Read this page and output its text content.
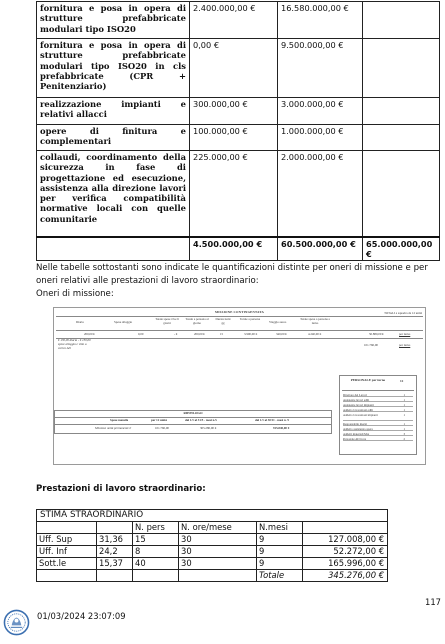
fornitura e posa in opera di strutture prefabbricate modulari tipo ISO20	2.400.000,00 €	16.580.000,00 €	
fornitura e posa in opera di strutture prefabbricate modulari tipo ISO20 in cls prefabbricate (CPR + Penitenziario)	0,00 €	9.500.000,00 €	
realizzazione impianti e relativi allacci	300.000,00 €	3.000.000,00 €	
opere di finitura e complementari	100.000,00 €	1.000.000,00 €	
collaudi, coordinamento della sicurezza in fase di progettazione ed esecuzione, assistenza alla direzione lavori per verifica compatibilità normative locali con quelle comunitarie	225.000,00 €	2.000.000,00 €	
	4.500.000,00 €	60.500.000,00 €	65.000.000,00 €

Nelle tabelle sottostanti sono indicate le quantificazioni distinte per oneri di missione e per oneri relativi alle prestazioni di lavoro straordinario:

Oneri di missione:

MISSIONE CONTINGENTATA
Diaria	Spese alloggio
Totale spese vive 6 giorni
Totale a persona al giorno
Durata turni gg
Totale a persona
Viaggio aereo
Totale spesa a persona a turno
TOTALI a squadra da 12 unità
200,00 €	0,00	- €	200,00 €	15	3.900,00 €	340,00 €	4.240,00 €	50.880,00 €	per turno
€ 130,00 diaria - € 130,00
spese alloggio e vitto a
carico AD
101.760,00	per turno
PERSONALE per turno	12
Direttore dei Lavori	1
Assistente lavori edili	1
Assistente lavori impianti	1
Addetto lavorazioni edili	1
Addetto lavorazioni impianti	1
Responsabile mezzi	1
Addetto assistenza opera	1
Addetti materiali MA	3
Personale AD in ns	2
RIEPILOGO
Spese mensile	per 12 unità	dal 1/1 al 31/5 - mesi n.5	dal 1/1 al 30/11 - mesi n. 9
Missione unità permanente €	101.760,00	305.280,00 €	915.840,00 €

Prestazioni di lavoro straordinario:

STIMA STRAORDINARIO					
		N. pers	N. ore/mese	N.mesi	
Uff. Sup	31,36	15	30	9	127.008,00 €
Uff. Inf	24,2	8	30	9	52.272,00 €
Sott.le	15,37	40	30	9	165.996,00 €
				Totale	345.276,00 €
117
01/03/2024 23:07:09
